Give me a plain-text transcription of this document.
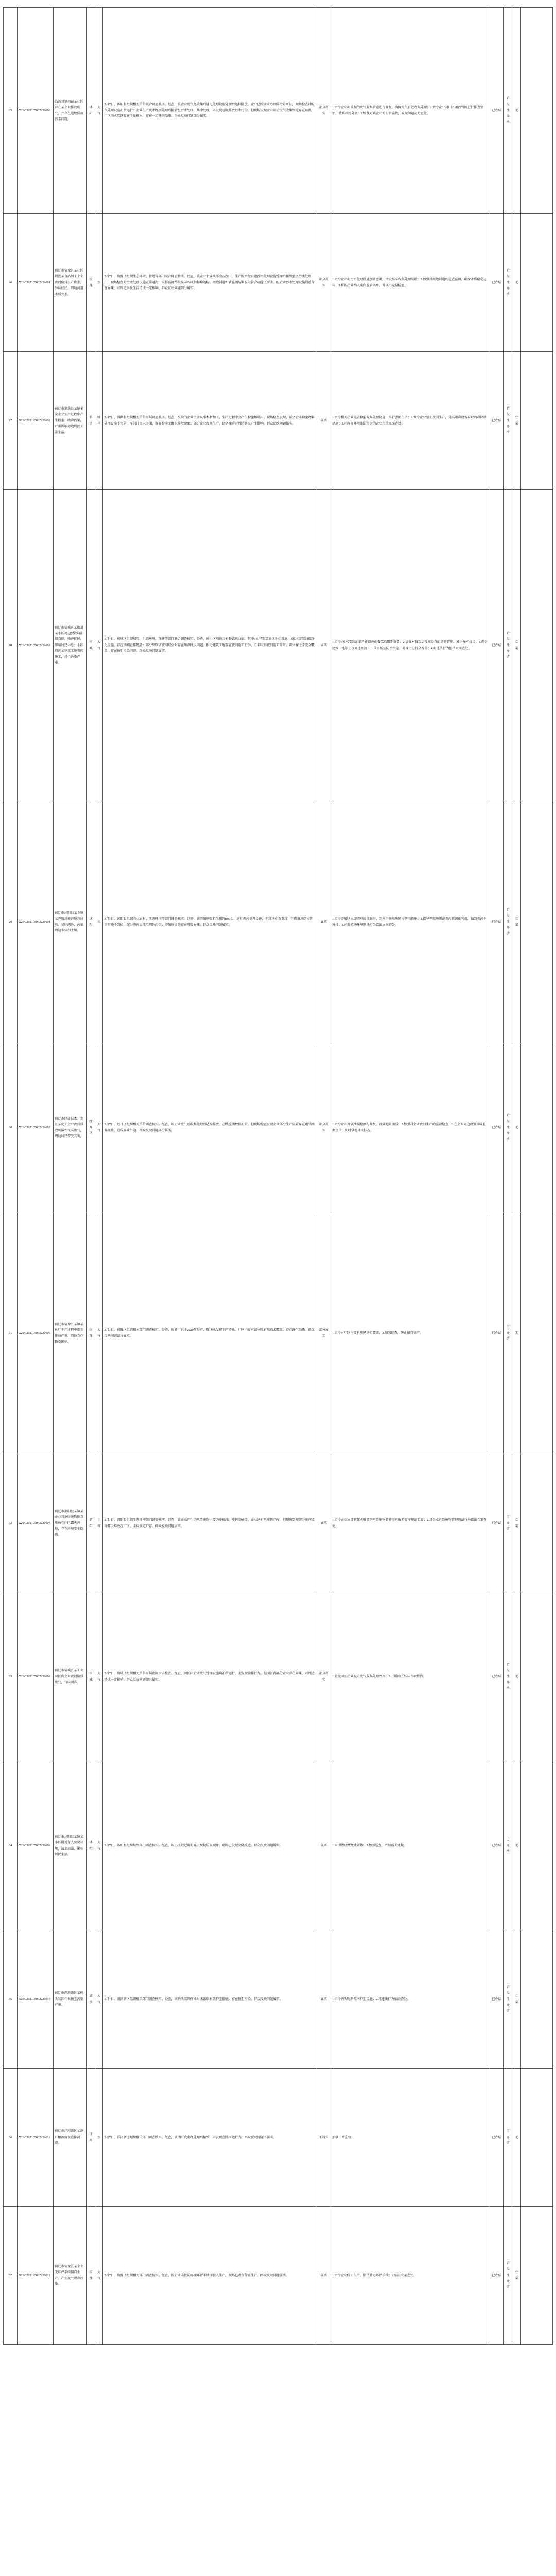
25	X2SC202105062220000	沿泗州镇南部某社区存在某企业排放废气，并存在违规排放污水问题。	沭阳	大气	5月7日，沭阳县组织相关单位联合调查核实。经查，该企业废气经收集后通过处理设施处理后达标排放，企业已按要求办理排污许可证，现场检查时废气处理设施正常运行；企业生产废水经预处理后接管至污水处理厂集中处理，未发现违规排放污水行为。但现场发现企业部分废气收集管道存在破损，厂区雨水管网存在少量积水，存在一定环境隐患。群众反映问题部分属实。	部分属实	1.责令企业对破损的废气收集管道进行修复，确保废气有效收集处理；2.责令企业对厂区雨污管网进行排查整治，做到雨污分流；3.加强对该企业的日常监管，发现问题及时查处。	已办结	阶段性办结	无	
26	X2SC202105062220001	宿迁市宿豫区某社区附近某食品加工企业夜间偷排生产废水，异味扰民，周边河道水质变差。	宿豫	水	5月7日，宿豫区组织生态环境、住建等部门联合调查核实。经查，该企业主要从事食品加工，生产废水经自建污水处理设施处理后接管至区污水处理厂，现场检查时污水处理设施正常运行，采样监测结果显示各项指标均达标。周边河道水质监测结果显示符合功能区要求。但企业污水处理设施附近存在异味，对周边居民生活造成一定影响。群众反映问题部分属实。	部分属实	1.责令企业对污水处理设施加盖密闭，增设异味收集处理装置；2.加强对周边河道的巡查监测，确保水质稳定达标；3.将该企业纳入重点监管名单，开展不定期检查。	已办结	阶段性办结	无	
27	X2SC202105062220002	宿迁市泗洪县某镇多家企业生产过程中产生粉尘、噪声污染，严重影响周边居民正常生活。	泗洪	噪声	5月7日，泗洪县组织相关单位开展调查核实。经查，反映的企业主要从事木材加工，生产过程中会产生粉尘和噪声。现场检查发现，部分企业粉尘收集处理设施不完善，车间门窗未关闭，存在粉尘无组织排放现象；部分企业夜间生产，设备噪声对周边居民产生影响。群众反映问题属实。	属实	1.责令相关企业完善粉尘收集处理设施，实行密闭生产；2.责令企业禁止夜间生产，对高噪声设备采取隔声降噪措施；3.对存在环境违法行为的企业依法立案查处。	已办结	阶段性办结	立案	
28	X2SC202105062220003	宿迁市宿城区某街道某小区周边餐饮店油烟直排，噪声扰民，影响居民休息；小区附近某建筑工地夜间施工，扬尘污染严重。	宿城	大气	5月7日，宿城区组织城管、生态环境、住建等部门联合调查核实。经查，该小区周边共有餐饮店12家，其中9家已安装油烟净化设施，3家未安装油烟净化设施，存在油烟直排现象；部分餐饮店夜间经营时存在噪声扰民问题。附近建筑工地存在夜间施工行为，且未取得夜间施工许可，部分裸土未完全覆盖，存在扬尘污染问题。群众反映问题属实。	属实	1.责令3家未安装油烟净化设施的餐饮店限期安装；2.加强对餐饮店夜间经营的巡查管理，减少噪声扰民；3.责令建筑工地停止夜间违规施工，落实扬尘防治措施，对裸土进行全覆盖；4.对违法行为依法立案查处。	已办结	阶段性办结	立案	
29	X2SC202105062220004	宿迁市沭阳县某乡镇某养殖场粪污随意排放，臭味刺鼻，污染周边水体和土壤。	沭阳	水	5月7日，沭阳县组织农业农村、生态环境等部门调查核实。经查，该养殖场存栏生猪约800头，建有粪污处理设施，但现场检查发现，干粪堆场防渗防雨措施不到位，部分粪污溢流至周边沟渠；养殖场周边存在明显异味。群众反映问题属实。	属实	1.责令养殖场立即清理溢流粪污，完善干粪堆场防渗防雨措施；2.指导养殖场规范粪污资源化利用，做到粪污不外排；3.对养殖场环境违法行为依法立案查处。	已办结	阶段性办结	立案	
30	X2SC202105062220005	宿迁市经济技术开发区某化工企业夜间排放刺激性气味废气，周边居民深受其害。	经开区	大气	5月7日，经开区组织相关单位调查核实。经查，该企业废气经收集处理后达标排放，在线监测数据正常。但现场检查发现企业部分生产装置存在跑冒滴漏现象，造成异味外逸。群众反映问题部分属实。	部分属实	1.责令企业开展泄漏检测与修复，消除跑冒滴漏；2.加强对企业夜间生产的监督检查；3.在企业周边设置异味监测点位，及时掌握环境状况。	已办结	阶段性办结	无	
31	X2SC202105062220006	宿迁市宿豫区某镇某砖厂生产过程中烟尘排放严重，周边农作物受影响。	宿豫	大气	5月7日，宿豫区组织相关部门调查核实。经查，该砖厂已于2020年停产，现场未发现生产迹象，厂区内存有部分原料堆放未覆盖，存在扬尘隐患。群众反映问题部分属实。	部分属实	1.责令对厂区内原料堆场进行覆盖；2.加强巡查，防止擅自复产。	已办结	已办结	无	
32	X2SC202105062220007	宿迁市泗阳县某镇某企业将危险废物随意堆放在厂区露天场地，存在环境安全隐患。	泗阳	土壤	5月7日，泗阳县组织生态环境部门调查核实。经查，该企业产生的危险废物主要为废机油、废包装桶等，企业建有危废暂存库，但现场发现部分废包装桶露天堆放在厂区，未按规定贮存。群众反映问题属实。	属实	1.责令企业立即将露天堆放的危险废物转移至危废暂存库规范贮存；2.对企业危险废物管理违法行为依法立案查处。	已办结	已办结	立案	
33	X2SC202105062220008	宿迁市宿城区某工业园区内企业夜间偷排废气，气味刺鼻。	宿城	大气	5月7日，宿城区组织相关单位开展夜间突击检查。经查，园区内企业废气处理设施均正常运行，未发现偷排行为。但园区内部分企业存在异味，对周边造成一定影响。群众反映问题部分属实。	部分属实	1.督促园区企业提升废气收集处理效率；2.开展园区异味专项整治。	已办结	阶段性办结	无	
34	X2SC202105062220009	宿迁市沭阳县某镇某小区附近有人焚烧垃圾，浓烟滚滚，影响居民生活。	沭阳	大气	5月7日，沭阳县组织城管部门调查核实。经查，该小区附近确有露天焚烧垃圾现象，现场已发现焚烧痕迹。群众反映问题属实。	属实	1.立即清理焚烧残留物；2.加强巡查，严禁露天焚烧。	已办结	已办结	无	
35	X2SC202105062220010	宿迁市湖滨新区某码头装卸作业扬尘污染严重。	湖滨	大气	5月7日，湖滨新区组织相关部门调查核实。经查，该码头装卸作业时未采取有效抑尘措施，存在扬尘污染。群众反映问题属实。	属实	1.责令码头配备喷淋抑尘设施；2.对违法行为依法查处。	已办结	阶段性办结	立案	
36	X2SC202105062220011	宿迁市洋河新区某酒厂酿酒废水直排河道。	洋河	水	5月7日，洋河新区组织相关部门调查核实。经查，该酒厂废水经处理后接管，未发现直排河道行为。群众反映问题不属实。	不属实	加强日常监管。	已办结	已办结	无	
37	X2SC202105062220012	宿迁市宿豫区某企业无环评手续擅自生产，产生废气噪声污染。	宿豫	大气	5月7日，宿豫区组织相关部门调查核实。经查，该企业未依法办理环评手续即投入生产，现场已责令停止生产。群众反映问题属实。	属实	1.责令企业停止生产，依法补办环评手续；2.依法立案查处。	已办结	阶段性办结	立案	
